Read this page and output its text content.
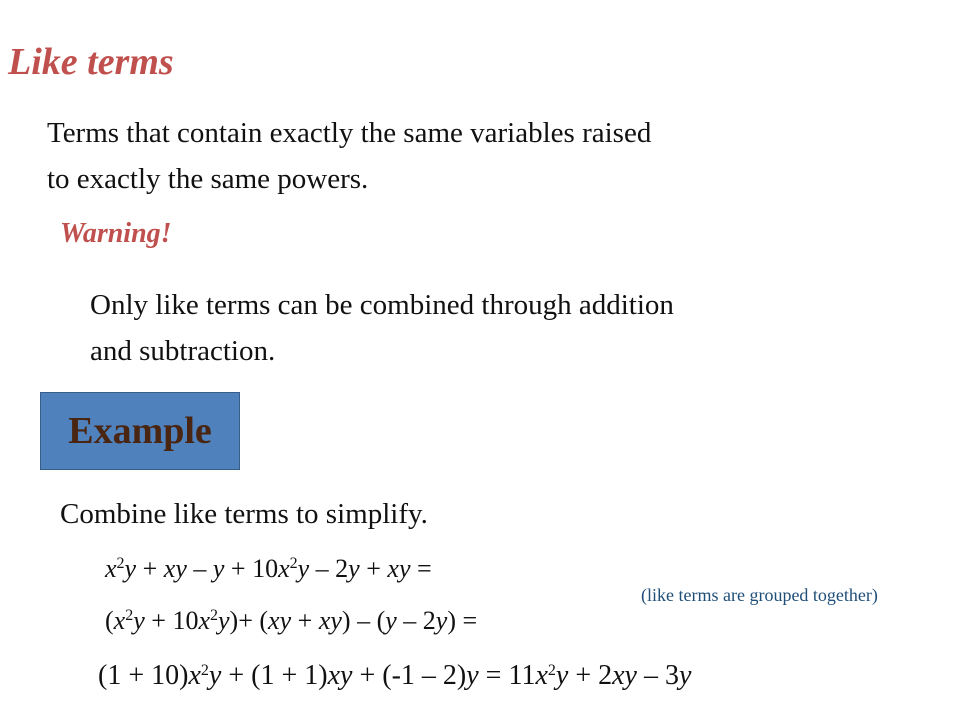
Like terms
Terms that contain exactly the same variables raised
to exactly the same powers.
Warning!
Only like terms can be combined through addition
and subtraction.
Example
Combine like terms to simplify.
$x^2y$ + xy – $y + 10x^2y - 2y$ + xy =
(like terms are grouped together)
$(x^2y + 10x^2y)+ (xy + xy) - (y - 2y)$ =
$(1 + 10)x^2y + (1 + 1)xy + (-1 - 2)y = 11x^2y + 2xy - 3y$
